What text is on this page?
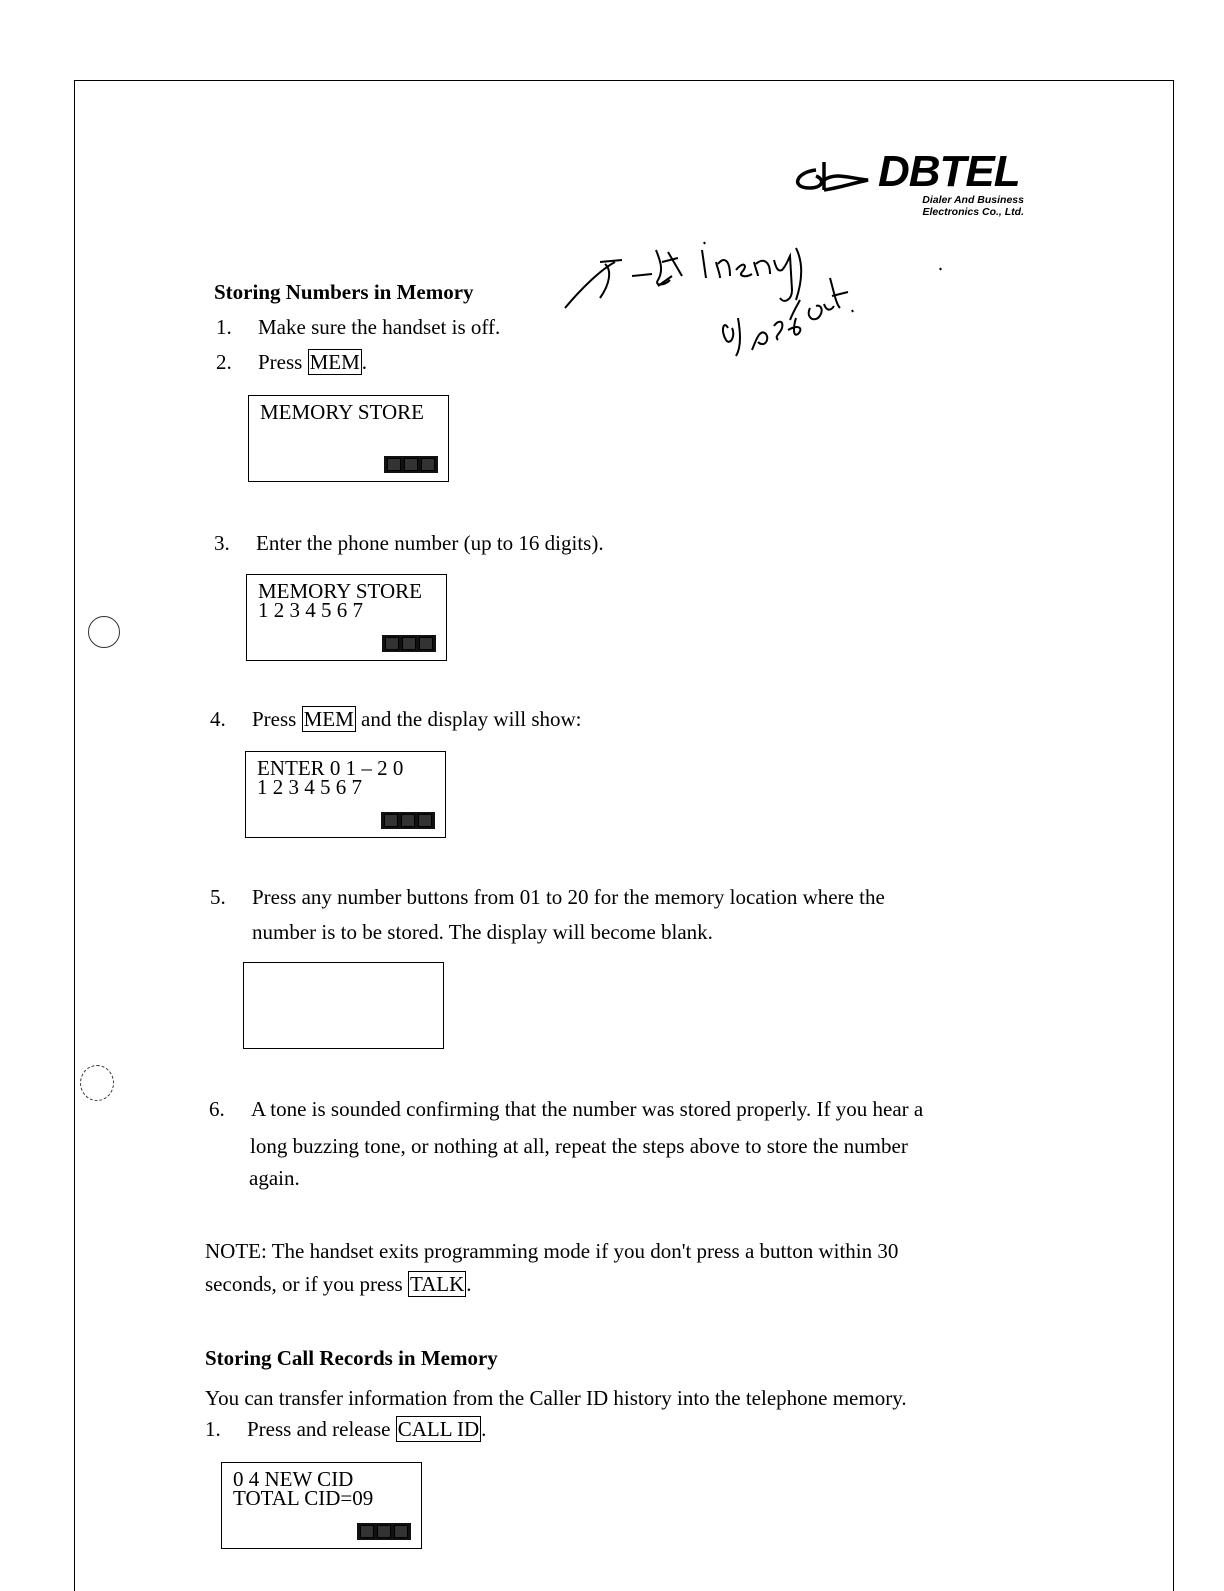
DBTEL
Dialer And Business
Electronics Co., Ltd.
Storing Numbers in Memory
1. Make sure the handset is off.
2. Press MEM.
MEMORY STORE
3. Enter the phone number (up to 16 digits).
MEMORY STORE
1 2 3 4 5 6 7
4. Press MEM and the display will show:
ENTER 0 1 – 2 0
1 2 3 4 5 6 7
5. Press any number buttons from 01 to 20 for the memory location where the
number is to be stored. The display will become blank.
6. A tone is sounded confirming that the number was stored properly. If you hear a
long buzzing tone, or nothing at all, repeat the steps above to store the number
again.
NOTE: The handset exits programming mode if you don't press a button within 30
seconds, or if you press TALK.
Storing Call Records in Memory
You can transfer information from the Caller ID history into the telephone memory.
1. Press and release CALL ID.
0 4 NEW CID
TOTAL CID=09
